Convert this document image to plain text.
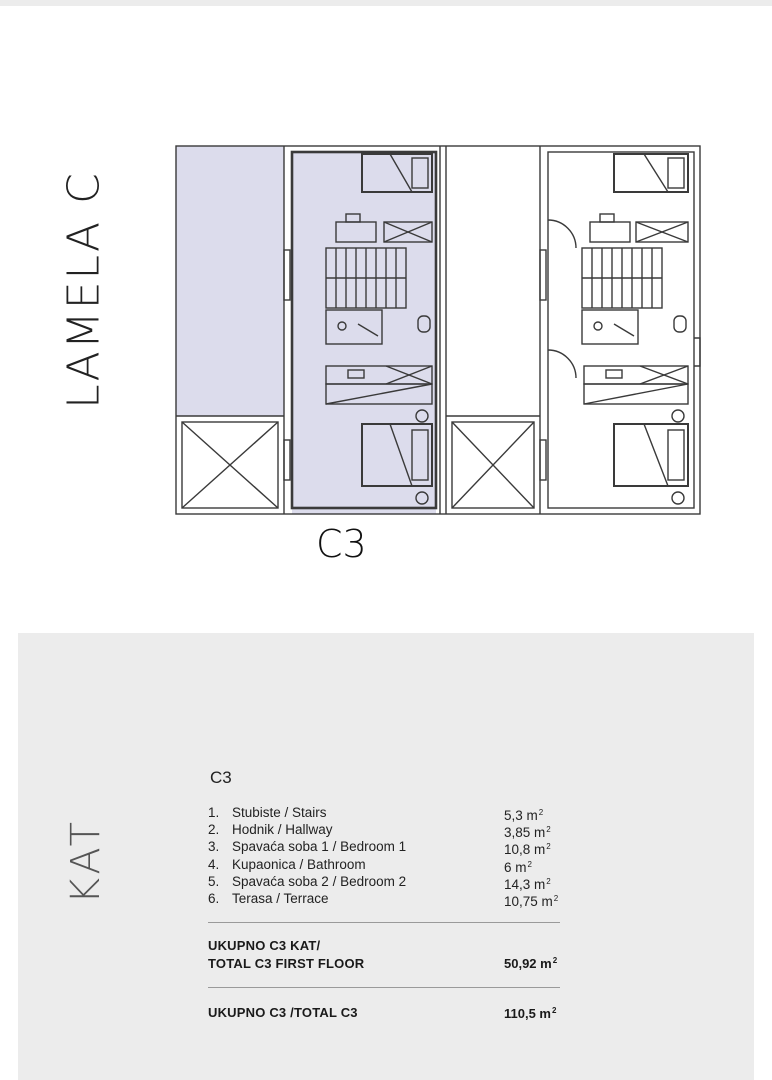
LAMELA C
C3
KAT
C3
1. Stubiste / Stairs	5,3 $m^2$
2. Hodnik / Hallway	3,85 $m^2$
3. Spavaća soba 1 / Bedroom 1	10,8 $m^2$
4. Kupaonica / Bathroom	6 $m^2$
5. Spavaća soba 2 / Bedroom 2	14,3 $m^2$
6. Terasa / Terrace	10,75 $m^2$
UKUPNO C3 KAT/
TOTAL C3 FIRST FLOOR	50,92 $m^2$
UKUPNO C3 /TOTAL C3	110,5 $m^2$
